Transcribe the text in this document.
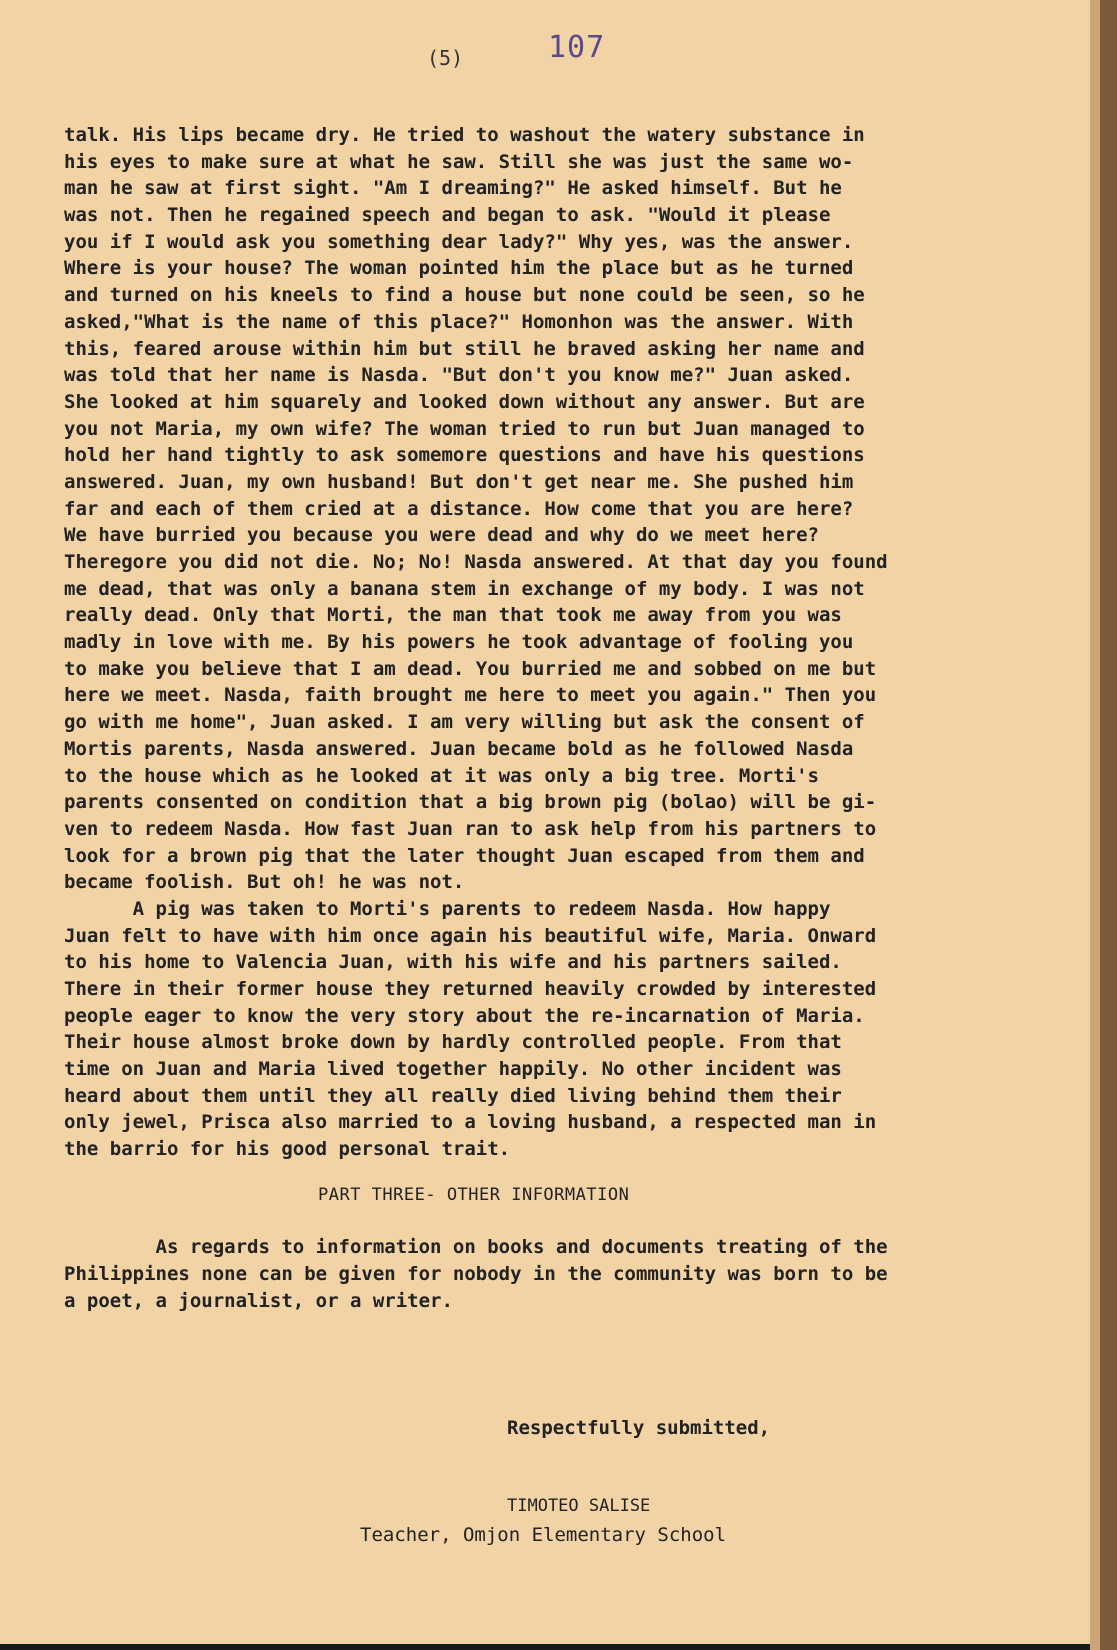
(5)	107
talk. His lips became dry. He tried to washout the watery substance in
his eyes to make sure at what he saw. Still she was just the same wo-
man he saw at first sight. "Am I dreaming?" He asked himself. But he
was not. Then he regained speech and began to ask. "Would it please
you if I would ask you something dear lady?" Why yes, was the answer.
Where is your house? The woman pointed him the place but as he turned
and turned on his kneels to find a house but none could be seen, so he
asked,"What is the name of this place?" Homonhon was the answer. With
this, feared arouse within him but still he braved asking her name and
was told that her name is Nasda. "But don't you know me?" Juan asked.
She looked at him squarely and looked down without any answer. But are
you not Maria, my own wife? The woman tried to run but Juan managed to
hold her hand tightly to ask somemore questions and have his questions
answered. Juan, my own husband! But don't get near me. She pushed him
far and each of them cried at a distance. How come that you are here?
We have burried you because you were dead and why do we meet here?
Theregore you did not die. No; No! Nasda answered. At that day you found
me dead, that was only a banana stem in exchange of my body. I was not
really dead. Only that Morti, the man that took me away from you was
madly in love with me. By his powers he took advantage of fooling you
to make you believe that I am dead. You burried me and sobbed on me but
here we meet. Nasda, faith brought me here to meet you again." Then you
go with me home", Juan asked. I am very willing but ask the consent of
Mortis parents, Nasda answered. Juan became bold as he followed Nasda
to the house which as he looked at it was only a big tree. Morti's
parents consented on condition that a big brown pig (bolao) will be gi-
ven to redeem Nasda. How fast Juan ran to ask help from his partners to
look for a brown pig that the later thought Juan escaped from them and
became foolish. But oh! he was not.
A pig was taken to Morti's parents to redeem Nasda. How happy
Juan felt to have with him once again his beautiful wife, Maria. Onward
to his home to Valencia Juan, with his wife and his partners sailed.
There in their former house they returned heavily crowded by interested
people eager to know the very story about the re-incarnation of Maria.
Their house almost broke down by hardly controlled people. From that
time on Juan and Maria lived together happily. No other incident was
heard about them until they all really died living behind them their
only jewel, Prisca also married to a loving husband, a respected man in
the barrio for his good personal trait.
PART THREE- OTHER INFORMATION
As regards to information on books and documents treating of the
Philippines none can be given for nobody in the community was born to be
a poet, a journalist, or a writer.
Respectfully submitted,
TIMOTEO SALISE
Teacher, Omjon Elementary School
